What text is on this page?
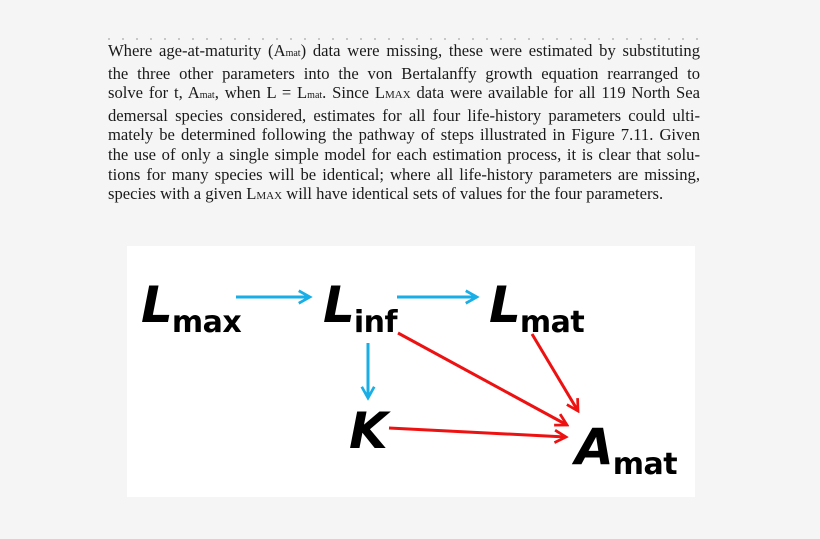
Where age-at-maturity (Amat) data were missing, these were estimated by substituting
the three other parameters into the von Bertalanffy growth equation rearranged to
solve for t, Amat, when L = Lmat. Since LMAX data were available for all 119 North Sea
demersal species considered, estimates for all four life-history parameters could ulti-
mately be determined following the pathway of steps illustrated in Figure 7.11. Given
the use of only a single simple model for each estimation process, it is clear that solu-
tions for many species will be identical; where all life-history parameters are missing,
species with a given LMAX will have identical sets of values for the four parameters.
Lmax Linf Lmat
K	Amat
